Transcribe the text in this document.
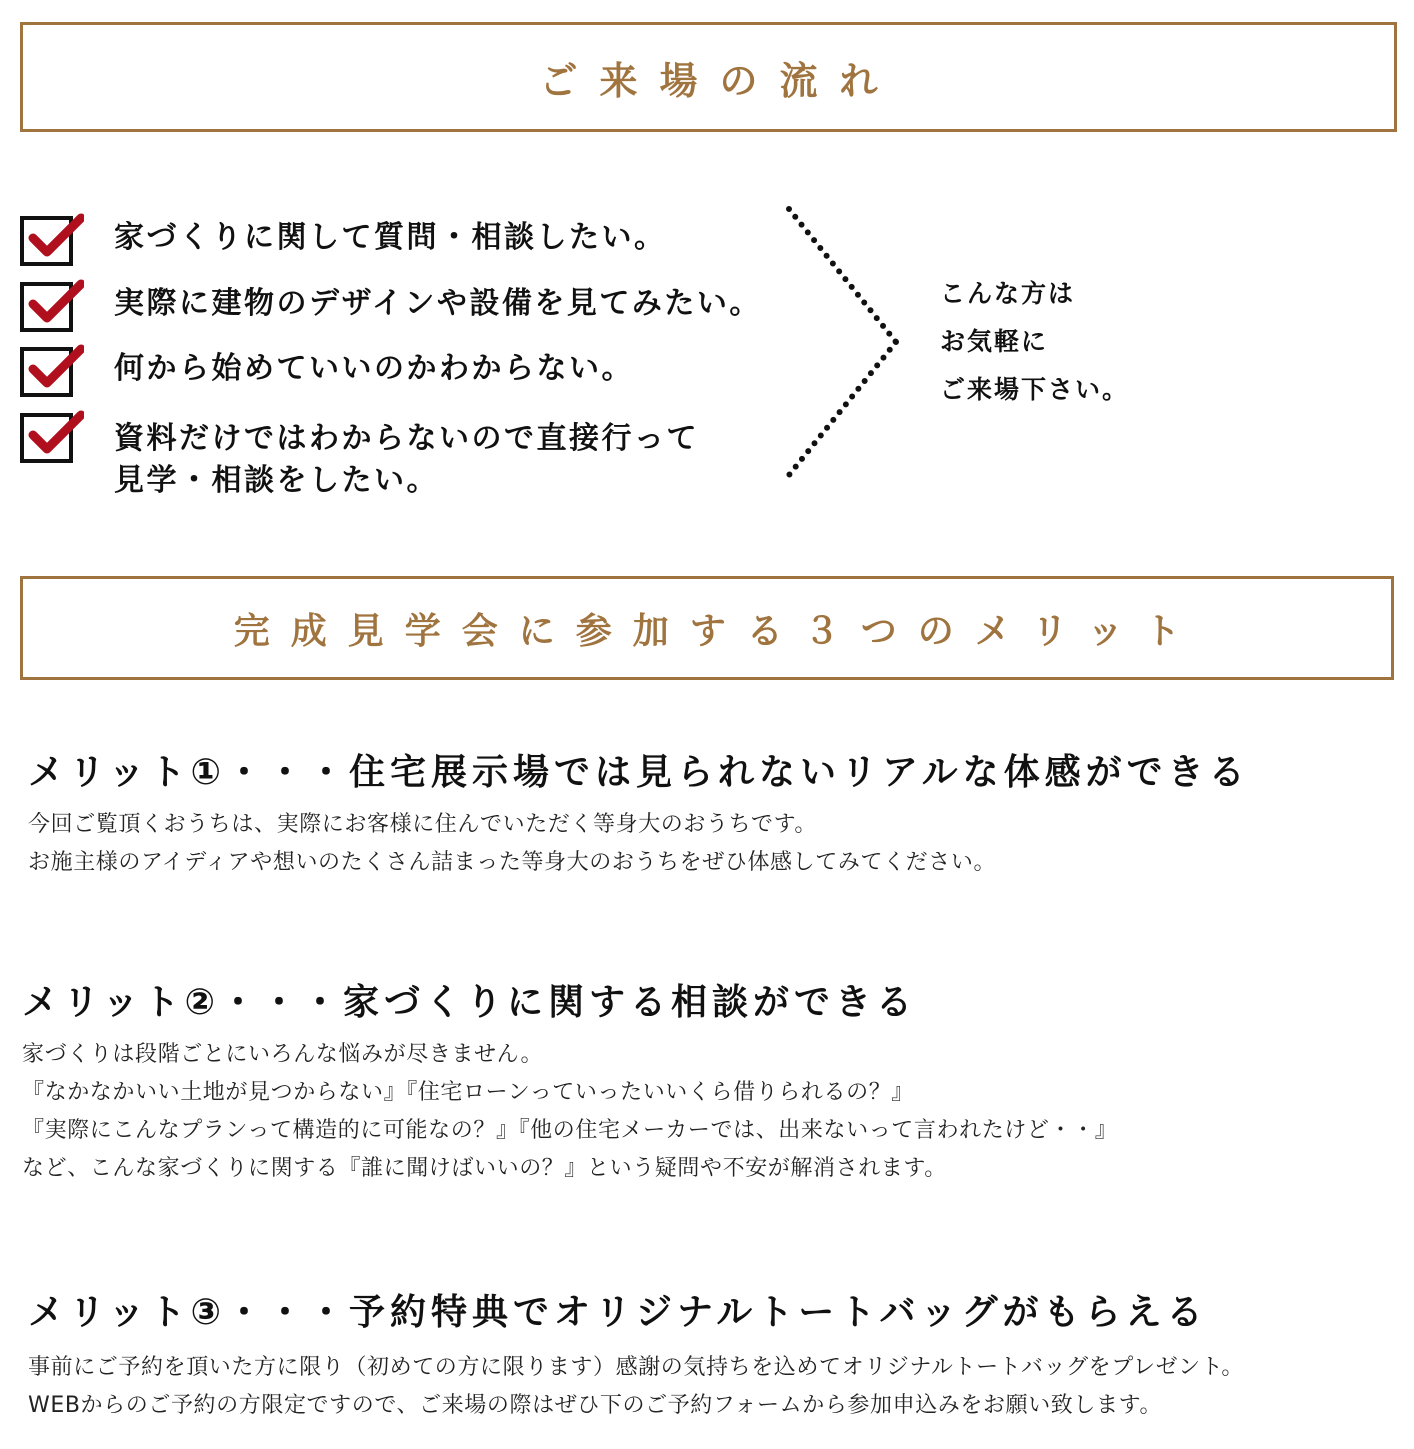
ご来場の流れ
家づくりに関して質問・相談したい。
実際に建物のデザインや設備を見てみたい。
何から始めていいのかわからない。
資料だけではわからないので直接行って
見学・相談をしたい。
こんな方は
お気軽に
ご来場下さい。
完成見学会に参加する３つのメリット
メリット①・・・住宅展示場では見られないリアルな体感ができる
今回ご覧頂くおうちは、実際にお客様に住んでいただく等身大のおうちです。
お施主様のアイディアや想いのたくさん詰まった等身大のおうちをぜひ体感してみてください。
メリット②・・・家づくりに関する相談ができる
家づくりは段階ごとにいろんな悩みが尽きません。
『なかなかいい土地が見つからない』『住宅ローンっていったいいくら借りられるの？』
『実際にこんなプランって構造的に可能なの？』『他の住宅メーカーでは、出来ないって言われたけど・・』
など、こんな家づくりに関する『誰に聞けばいいの？』という疑問や不安が解消されます。
メリット③・・・予約特典でオリジナルトートバッグがもらえる
事前にご予約を頂いた方に限り（初めての方に限ります）感謝の気持ちを込めてオリジナルトートバッグをプレゼント。
WEBからのご予約の方限定ですので、ご来場の際はぜひ下のご予約フォームから参加申込みをお願い致します。
